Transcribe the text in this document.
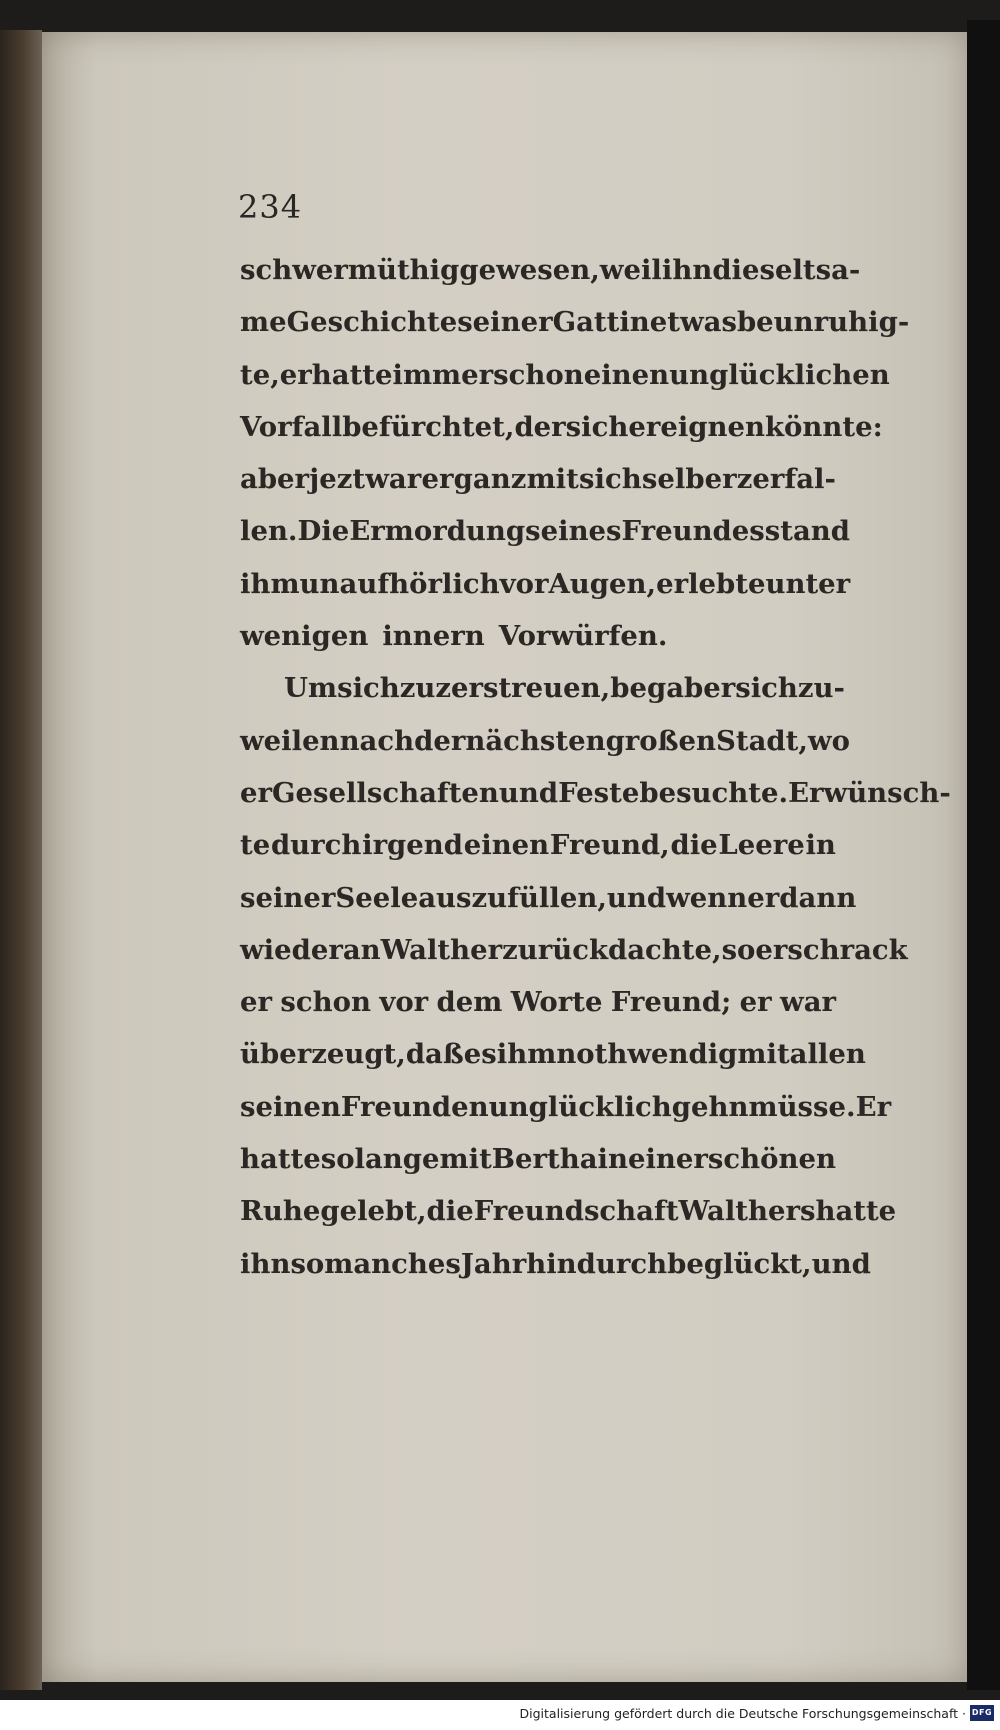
234
schwermüthig gewesen, weil ihn die seltsa-
me Geschichte seiner Gattin etwas beunruhig-
te, er hatte immer schon einen unglücklichen
Vorfall befürchtet, der sich ereignen könnte:
aber jezt war er ganz mit sich selber zerfal-
len. Die Ermordung seines Freundes stand
ihm unaufhörlich vor Augen, er lebte unter
wenigen innern Vorwürfen.
Um sich zu zerstreuen, begab er sich zu-
weilen nach der nächsten großen Stadt, wo
er Gesellschaften und Feste besuchte. Er wünsch-
te durch irgend einen Freund, die Leere in
seiner Seele auszufüllen, und wenn er dann
wieder an Walther zurückdachte, so erschrack
er schon vor dem Worte Freund; er war
überzeugt, daß es ihm nothwendig mit allen
seinen Freunden unglücklich gehn müsse. Er
hatte so lange mit Bertha in einer schönen
Ruhe gelebt, die Freundschaft Walthers hatte
ihn so manches Jahr hindurch beglückt, und
Digitalisierung gefördert durch die Deutsche Forschungsgemeinschaft · DFG
